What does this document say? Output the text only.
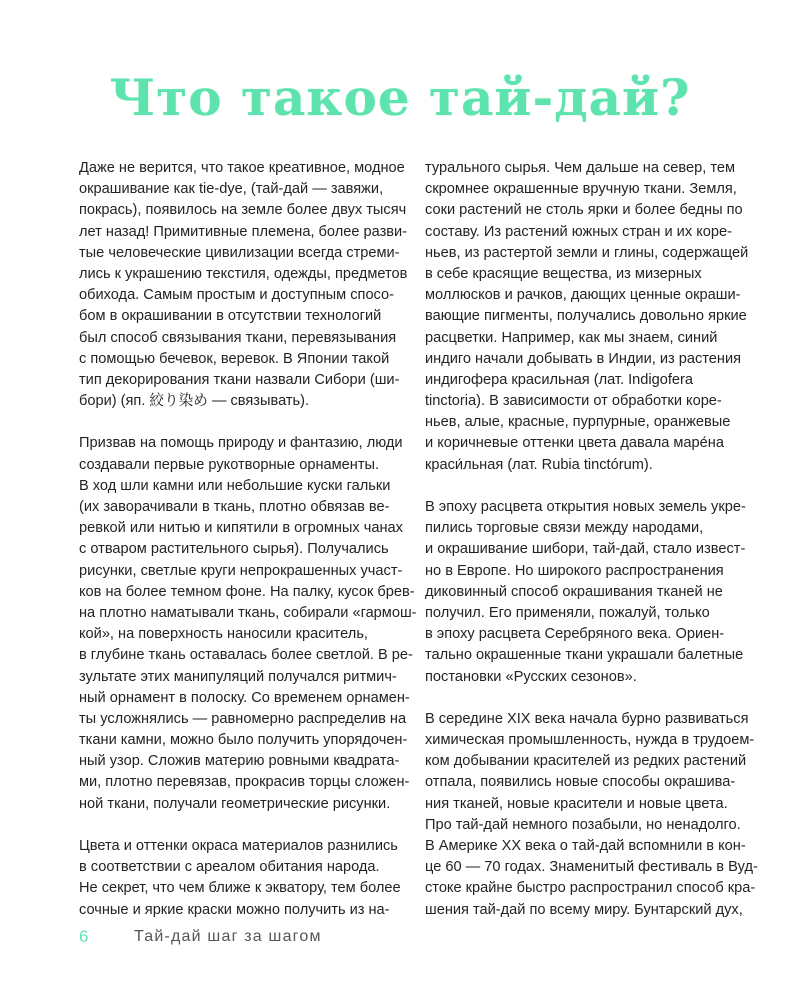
Что такое тай-дай?
Даже не верится, что такое креативное, модное
окрашивание как tie-dye, (тай-дай — завяжи,
покрась), появилось на земле более двух тысяч
лет назад! Примитивные племена, более разви-
тые человеческие цивилизации всегда стреми-
лись к украшению текстиля, одежды, предметов
обихода. Самым простым и доступным спосо-
бом в окрашивании в отсутствии технологий
был способ связывания ткани, перевязывания
с помощью бечевок, веревок. В Японии такой
тип декорирования ткани назвали Сибори (ши-
бори) (яп. 絞り染め — связывать).
Призвав на помощь природу и фантазию, люди
создавали первые рукотворные орнаменты.
В ход шли камни или небольшие куски гальки
(их заворачивали в ткань, плотно обвязав ве-
ревкой или нитью и кипятили в огромных чанах
с отваром растительного сырья). Получались
рисунки, светлые круги непрокрашенных участ-
ков на более темном фоне. На палку, кусок брев-
на плотно наматывали ткань, собирали «гармош-
кой», на поверхность наносили краситель,
в глубине ткань оставалась более светлой. В ре-
зультате этих манипуляций получался ритмич-
ный орнамент в полоску. Со временем орнамен-
ты усложнялись — равномерно распределив на
ткани камни, можно было получить упорядочен-
ный узор. Сложив материю ровными квадрата-
ми, плотно перевязав, прокрасив торцы сложен-
ной ткани, получали геометрические рисунки.
Цвета и оттенки окраса материалов разнились
в соответствии с ареалом обитания народа.
Не секрет, что чем ближе к экватору, тем более
сочные и яркие краски можно получить из на-
турального сырья. Чем дальше на север, тем
скромнее окрашенные вручную ткани. Земля,
соки растений не столь ярки и более бедны по
составу. Из растений южных стран и их коре-
ньев, из растертой земли и глины, содержащей
в себе красящие вещества, из мизерных
моллюсков и рачков, дающих ценные окраши-
вающие пигменты, получались довольно яркие
расцветки. Например, как мы знаем, синий
индиго начали добывать в Индии, из растения
индигофера красильная (лат. Indigofera
tinctoria). В зависимости от обработки коре-
ньев, алые, красные, пурпурные, оранжевые
и коричневые оттенки цвета давала маре́на
краси́льная (лат. Rubia tinctórum).
В эпоху расцвета открытия новых земель укре-
пились торговые связи между народами,
и окрашивание шибори, тай-дай, стало извест-
но в Европе. Но широкого распространения
диковинный способ окрашивания тканей не
получил. Его применяли, пожалуй, только
в эпоху расцвета Серебряного века. Ориен-
тально окрашенные ткани украшали балетные
постановки «Русских сезонов».
В середине XIX века начала бурно развиваться
химическая промышленность, нужда в трудоем-
ком добывании красителей из редких растений
отпала, появились новые способы окрашива-
ния тканей, новые красители и новые цвета.
Про тай-дай немного позабыли, но ненадолго.
В Америке XX века о тай-дай вспомнили в кон-
це 60 — 70 годах. Знаменитый фестиваль в Вуд-
стоке крайне быстро распространил способ кра-
шения тай-дай по всему миру. Бунтарский дух,
6	Тай-дай шаг за шагом
